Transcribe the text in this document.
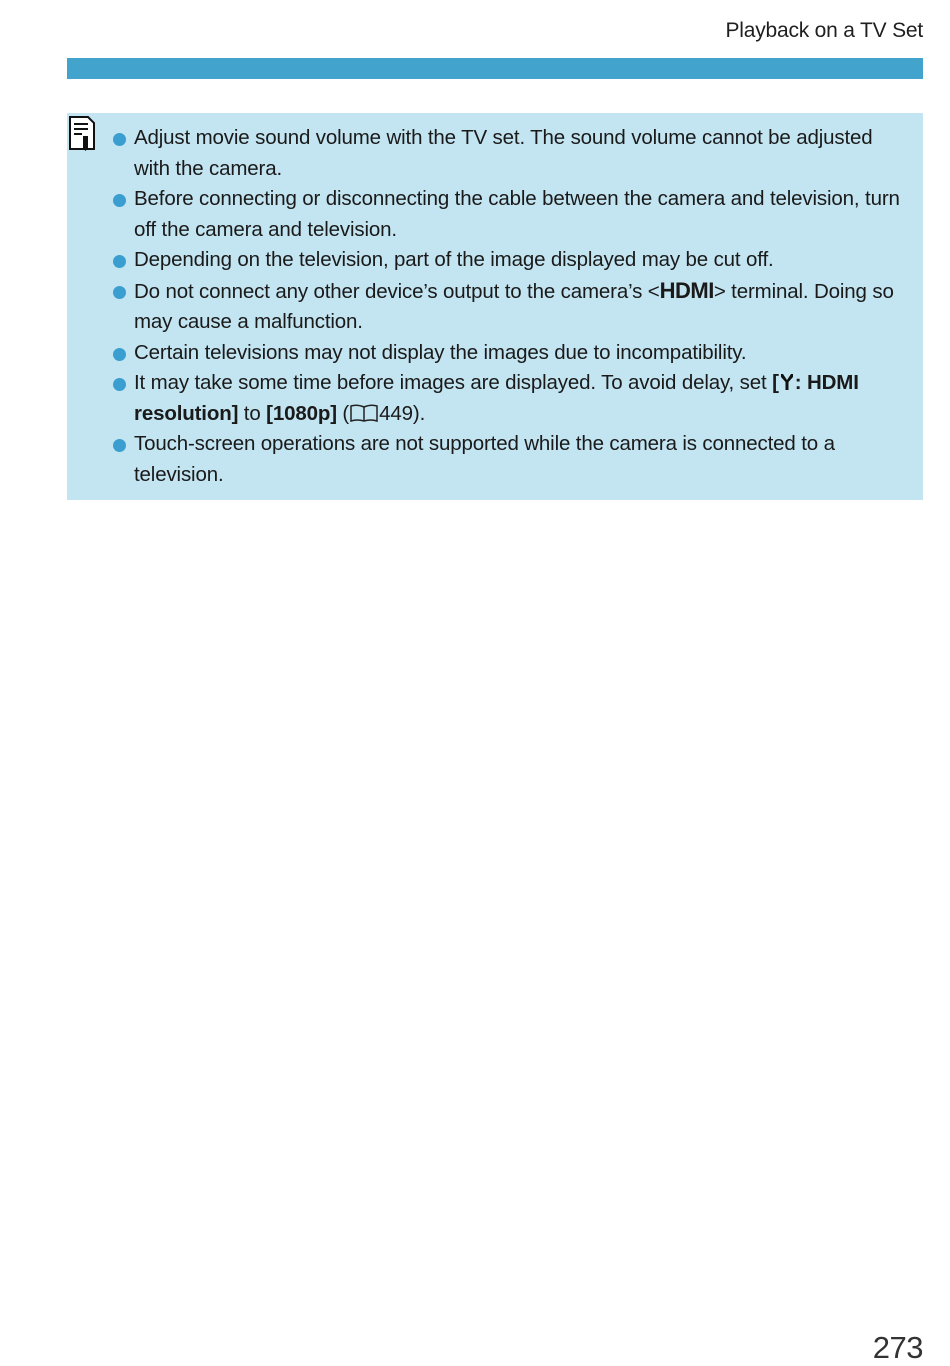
Playback on a TV Set
Adjust movie sound volume with the TV set. The sound volume cannot be adjusted with the camera.
Before connecting or disconnecting the cable between the camera and television, turn off the camera and television.
Depending on the television, part of the image displayed may be cut off.
Do not connect any other device’s output to the camera’s <HDMI> terminal. Doing so may cause a malfunction.
Certain televisions may not display the images due to incompatibility.
It may take some time before images are displayed. To avoid delay, set [ : HDMI resolution] to [1080p] ( 449).
Touch-screen operations are not supported while the camera is connected to a television.
273
